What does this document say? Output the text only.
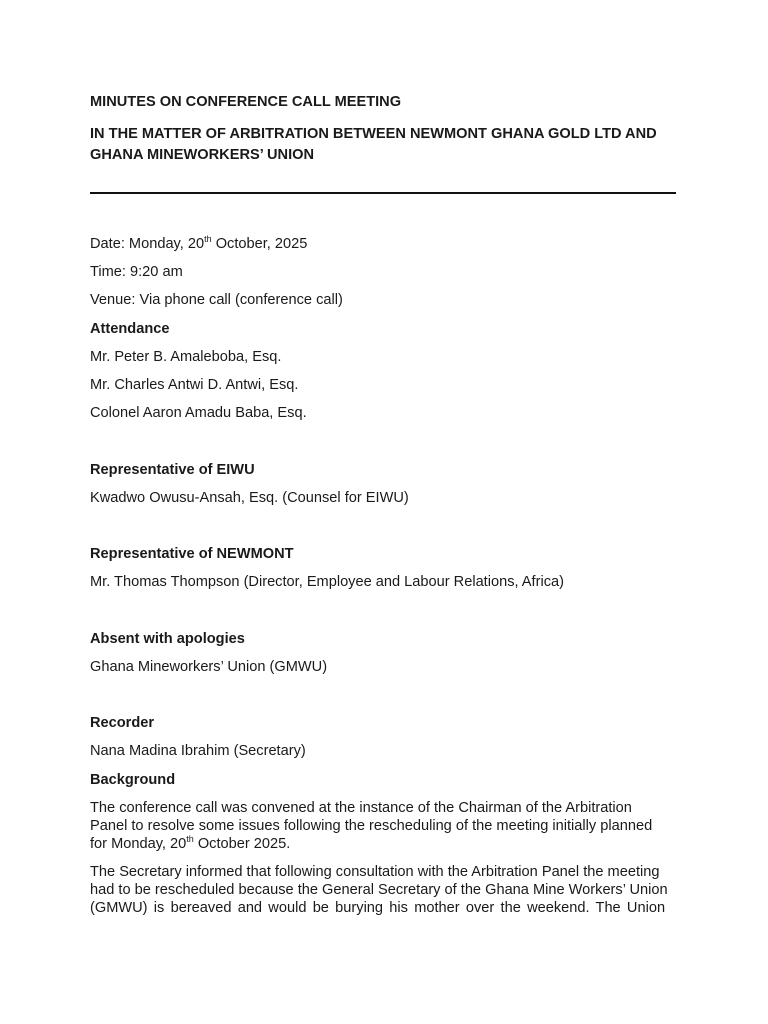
MINUTES ON CONFERENCE CALL MEETING
IN THE MATTER OF ARBITRATION BETWEEN NEWMONT GHANA GOLD LTD AND
GHANA MINEWORKERS’ UNION
Date: Monday, 20th October, 2025
Time: 9:20 am
Venue: Via phone call (conference call)
Attendance
Mr. Peter B. Amaleboba, Esq.
Mr. Charles Antwi D. Antwi, Esq.
Colonel Aaron Amadu Baba, Esq.
Representative of EIWU
Kwadwo Owusu-Ansah, Esq. (Counsel for EIWU)
Representative of NEWMONT
Mr. Thomas Thompson (Director, Employee and Labour Relations, Africa)
Absent with apologies
Ghana Mineworkers’ Union (GMWU)
Recorder
Nana Madina Ibrahim (Secretary)
Background
The conference call was convened at the instance of the Chairman of the Arbitration
Panel to resolve some issues following the rescheduling of the meeting initially planned
for Monday, 20th October 2025.
The Secretary informed that following consultation with the Arbitration Panel the meeting
had to be rescheduled because the General Secretary of the Ghana Mine Workers’ Union
(GMWU) is bereaved and would be burying his mother over the weekend. The Union
